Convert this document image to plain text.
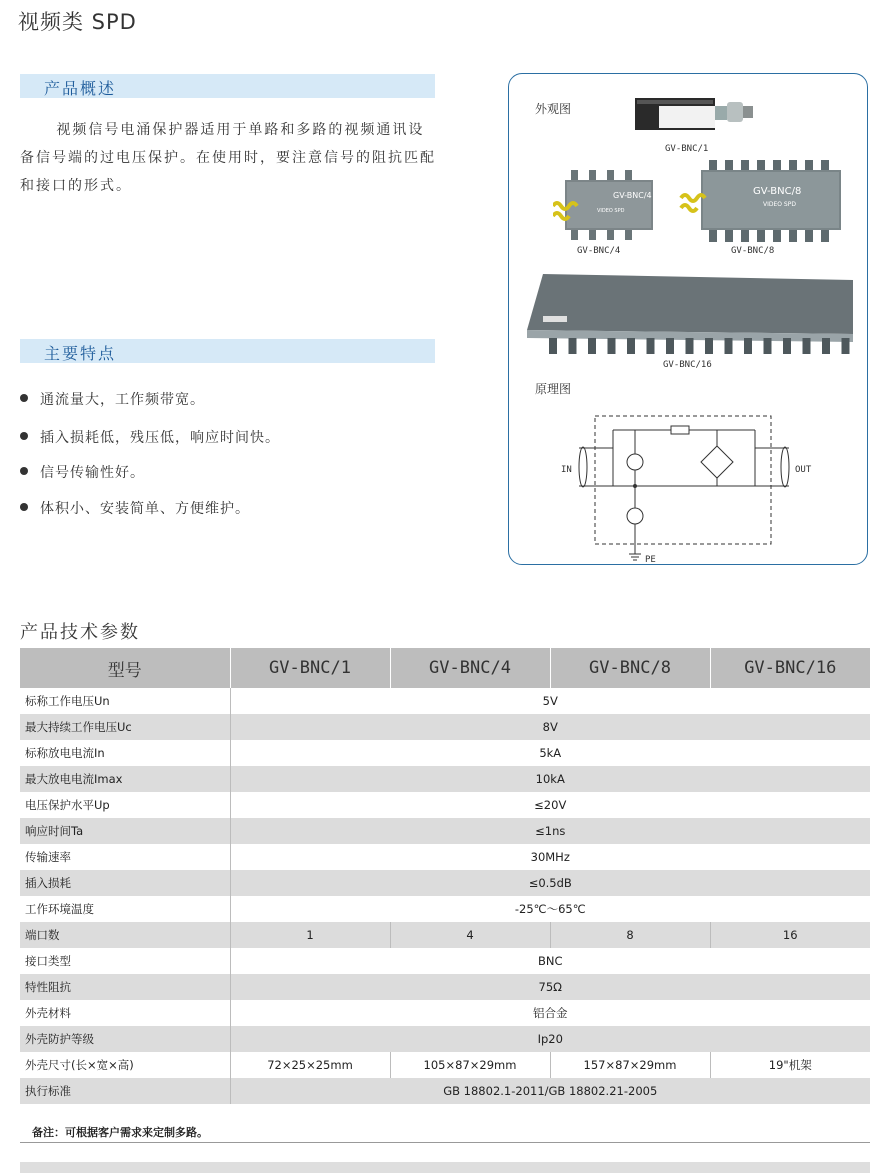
视频类 SPD
产品概述
视频信号电涌保护器适用于单路和多路的视频通讯设备信号端的过电压保护。在使用时，要注意信号的阻抗匹配和接口的形式。
主要特点
通流量大，工作频带宽。
插入损耗低，残压低，响应时间快。
信号传输性好。
体积小、安装简单、方便维护。
外观图
GV-BNC/1
GV-BNC/4
VIDEO SPD
GV-BNC/4
GV-BNC/8
VIDEO SPD
GV-BNC/8
GV-BNC/16
原理图
IN	OUT
PE
产品技术参数
型号	GV-BNC/1	GV-BNC/4	GV-BNC/8	GV-BNC/16
标称工作电压Un	5V			
最大持续工作电压Uc	8V			
标称放电电流In	5kA			
最大放电电流Imax	10kA			
电压保护水平Up	≤20V			
响应时间Ta	≤1ns			
传输速率	30MHz			
插入损耗	≤0.5dB			
工作环境温度	-25℃～65℃			
端口数	1	4	8	16
接口类型	BNC			
特性阻抗	75Ω			
外壳材料	铝合金			
外壳防护等级	Ip20			
外壳尺寸(长×宽×高)	72×25×25mm	105×87×29mm	157×87×29mm	19"机架
执行标准	GB 18802.1-2011/GB 18802.21-2005			
备注：可根据客户需求来定制多路。
